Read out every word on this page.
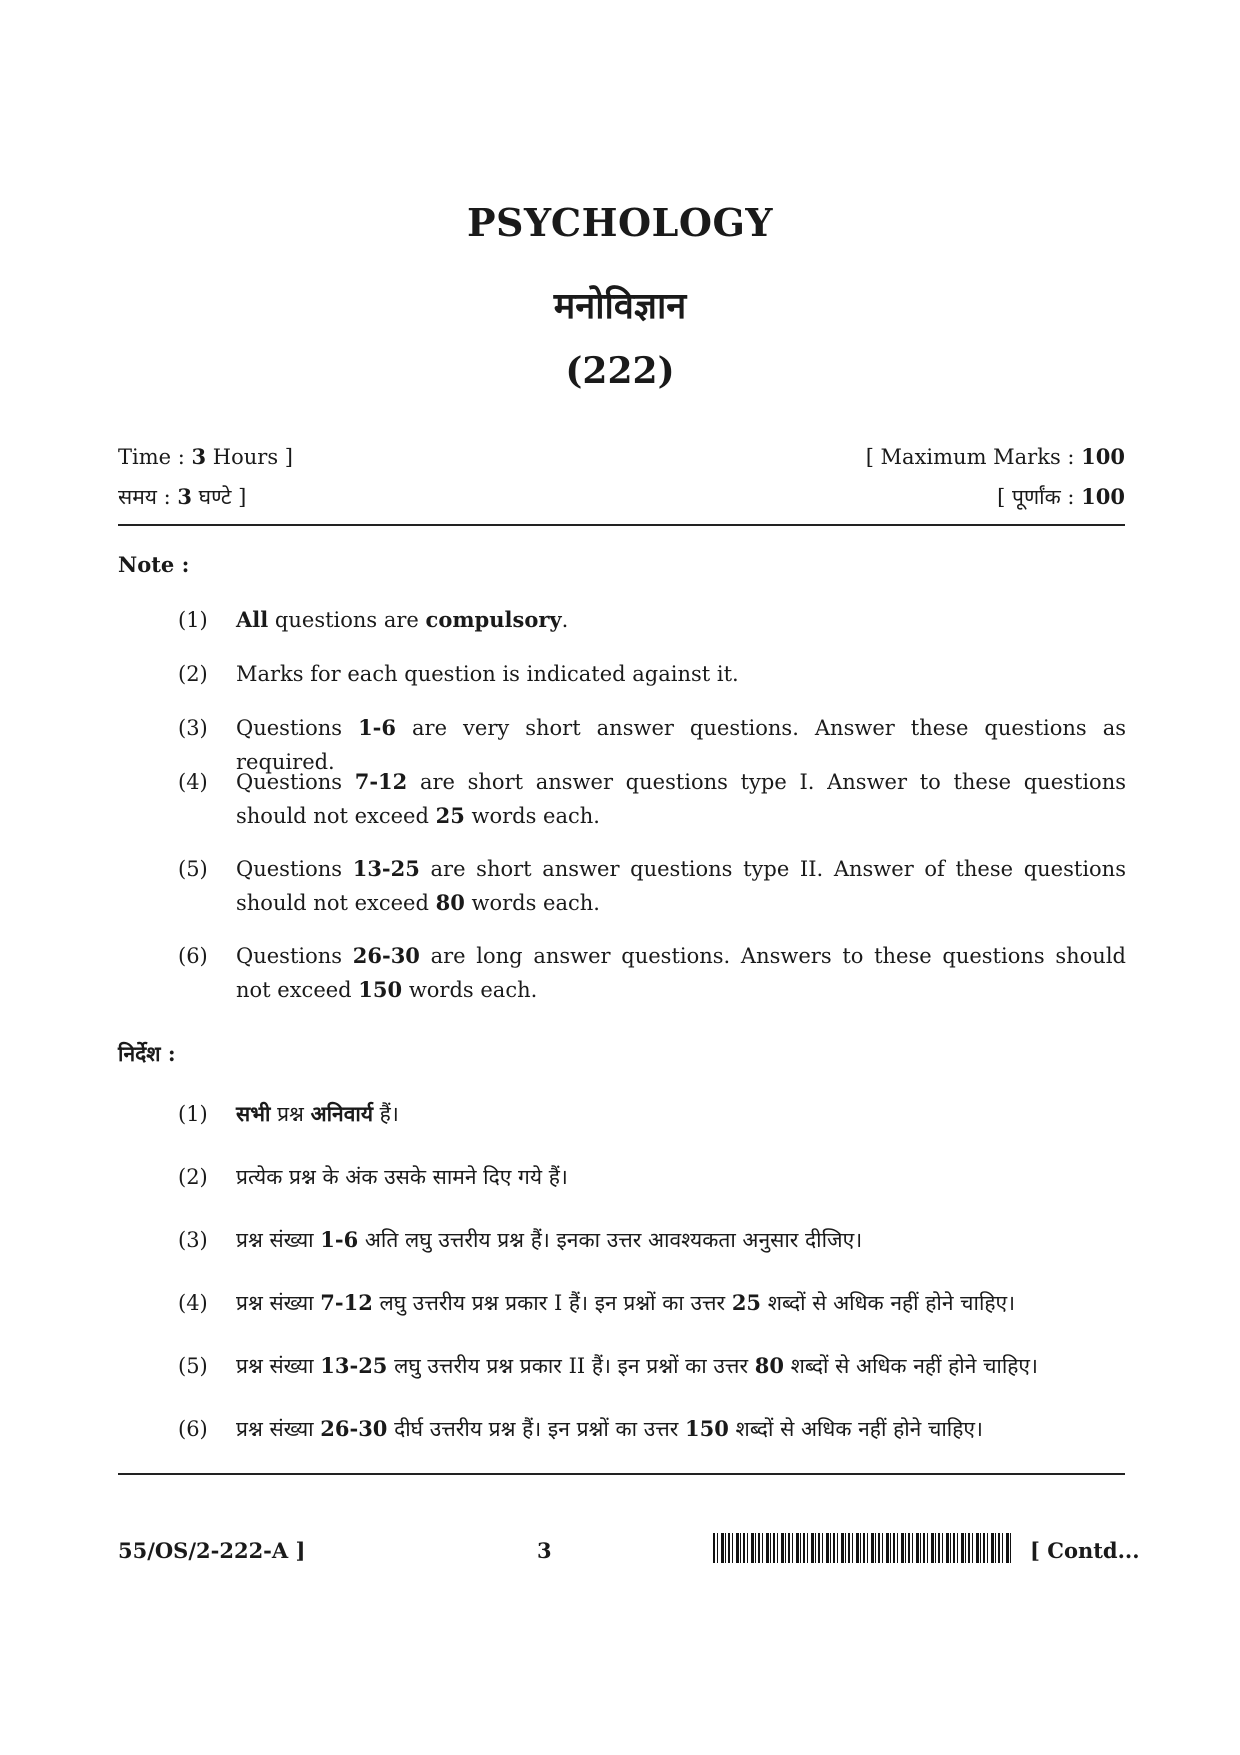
PSYCHOLOGY
मनोविज्ञान
(222)
Time : 3 Hours ]
समय : 3 घण्टे ]
[ Maximum Marks : 100
[ पूर्णांक : 100
Note :
(1)	All questions are compulsory.
(2)	Marks for each question is indicated against it.
(3)	Questions 1-6 are very short answer questions. Answer these questions as required.
(4)	Questions 7-12 are short answer questions type I. Answer to these questions should not exceed 25 words each.
(5)	Questions 13-25 are short answer questions type II. Answer of these questions should not exceed 80 words each.
(6)	Questions 26-30 are long answer questions. Answers to these questions should not exceed 150 words each.
निर्देश :
(1)	सभी प्रश्न अनिवार्य हैं।
(2)	प्रत्येक प्रश्न के अंक उसके सामने दिए गये हैं।
(3)	प्रश्न संख्या 1-6 अति लघु उत्तरीय प्रश्न हैं। इनका उत्तर आवश्यकता अनुसार दीजिए।
(4)	प्रश्न संख्या 7-12 लघु उत्तरीय प्रश्न प्रकार I हैं। इन प्रश्नों का उत्तर 25 शब्दों से अधिक नहीं होने चाहिए।
(5)	प्रश्न संख्या 13-25 लघु उत्तरीय प्रश्न प्रकार II हैं। इन प्रश्नों का उत्तर 80 शब्दों से अधिक नहीं होने चाहिए।
(6)	प्रश्न संख्या 26-30 दीर्घ उत्तरीय प्रश्न हैं। इन प्रश्नों का उत्तर 150 शब्दों से अधिक नहीं होने चाहिए।
55/OS/2-222-A ]	3	[ Contd...
